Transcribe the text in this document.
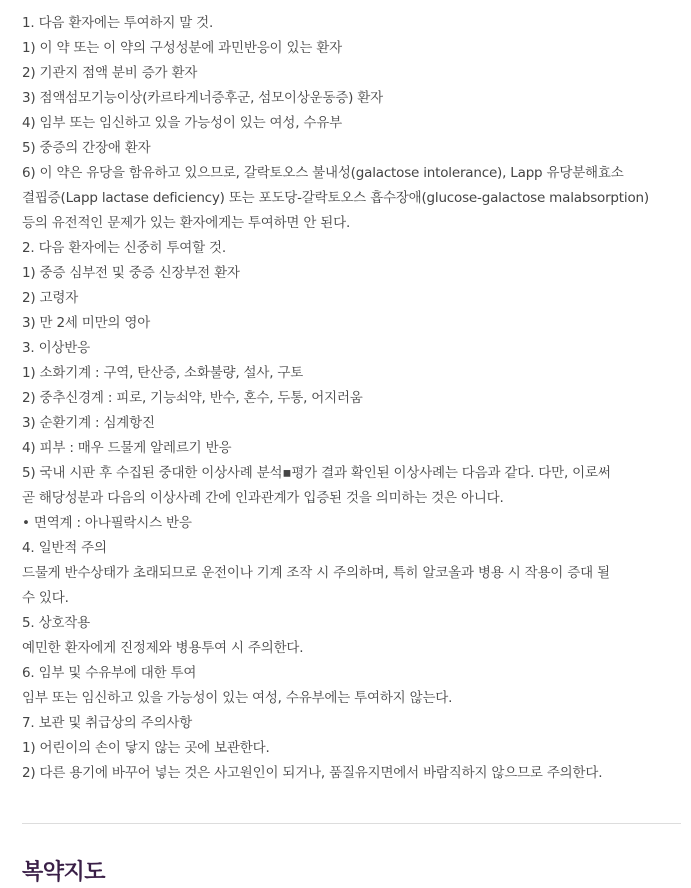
1. 다음 환자에는 투여하지 말 것.
1) 이 약 또는 이 약의 구성성분에 과민반응이 있는 환자
2) 기관지 점액 분비 증가 환자
3) 점액섬모기능이상(카르타게너증후군, 섬모이상운동증) 환자
4) 임부 또는 임신하고 있을 가능성이 있는 여성, 수유부
5) 중증의 간장애 환자
6) 이 약은 유당을 함유하고 있으므로, 갈락토오스 불내성(galactose intolerance), Lapp 유당분해효소
결핍증(Lapp lactase deficiency) 또는 포도당-갈락토오스 흡수장애(glucose-galactose malabsorption)
등의 유전적인 문제가 있는 환자에게는 투여하면 안 된다.
2. 다음 환자에는 신중히 투여할 것.
1) 중증 심부전 및 중증 신장부전 환자
2) 고령자
3) 만 2세 미만의 영아
3. 이상반응
1) 소화기계 : 구역, 탄산증, 소화불량, 설사, 구토
2) 중추신경계 : 피로, 기능쇠약, 반수, 혼수, 두통, 어지러움
3) 순환기계 : 심계항진
4) 피부 : 매우 드물게 알레르기 반응
5) 국내 시판 후 수집된 중대한 이상사례 분석▪평가 결과 확인된 이상사례는 다음과 같다. 다만, 이로써
곧 해당성분과 다음의 이상사례 간에 인과관계가 입증된 것을 의미하는 것은 아니다.
• 면역계 : 아나필락시스 반응
4. 일반적 주의
드물게 반수상태가 초래되므로 운전이나 기계 조작 시 주의하며, 특히 알코올과 병용 시 작용이 증대 될
수 있다.
5. 상호작용
예민한 환자에게 진정제와 병용투여 시 주의한다.
6. 임부 및 수유부에 대한 투여
임부 또는 임신하고 있을 가능성이 있는 여성, 수유부에는 투여하지 않는다.
7. 보관 및 취급상의 주의사항
1) 어린이의 손이 닿지 않는 곳에 보관한다.
2) 다른 용기에 바꾸어 넣는 것은 사고원인이 되거나, 품질유지면에서 바람직하지 않으므로 주의한다.
복약지도
